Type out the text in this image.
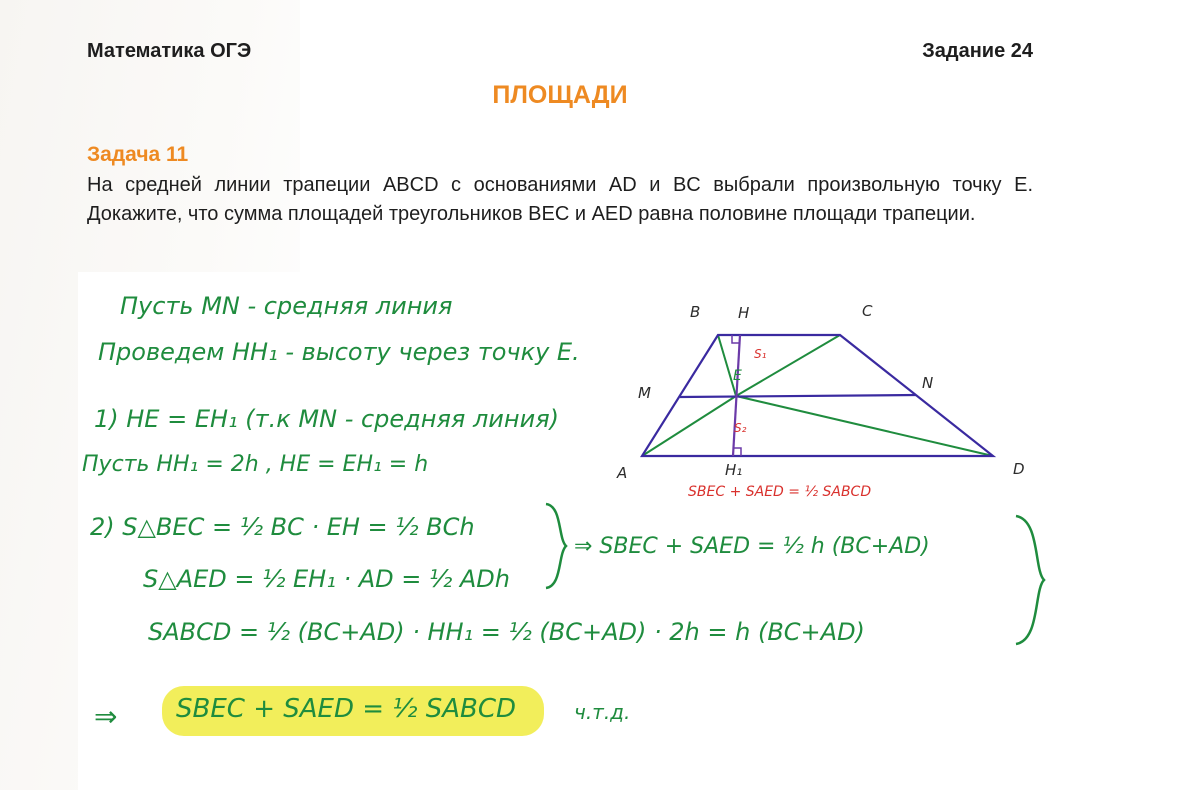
Математика ОГЭ	Задание 24
ПЛОЩАДИ
Задача 11
На средней линии трапеции ABCD с основаниями AD и BC выбрали произвольную точку E. Докажите, что сумма площадей треугольников BEC и AED равна половине площади трапеции.
B	H	C
M
E	N
A	H₁	D
S₁
S₂
SBEC + SAED = ½ SABCD
Пусть MN - средняя линия
Проведем HH₁ - высоту через точку E.
1) HE = EH₁ (т.к MN - средняя линия)
Пусть HH₁ = 2h , HE = EH₁ = h
2) S△BEC = ½ BC · EH = ½ BCh
S△AED = ½ EH₁ · AD = ½ ADh
⇒ SBEC + SAED = ½ h (BC+AD)
SABCD = ½ (BC+AD) · HH₁ = ½ (BC+AD) · 2h = h (BC+AD)
⇒ SBEC + SAED = ½ SABCD	ч.т.д.
